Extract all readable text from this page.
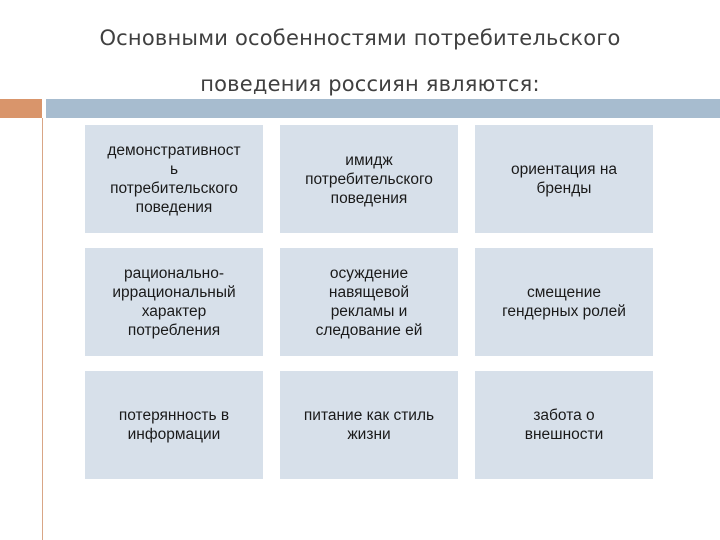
Основными особенностями потребительского
поведения россиян являются:
демонстративност
ь
потребительского
поведения
имидж
потребительского
поведения
ориентация на
бренды
рационально-
иррациональный
характер
потребления
осуждение
навящевой
рекламы и
следование ей
смещение
гендерных ролей
потерянность в
информации
питание как стиль
жизни
забота о
внешности
